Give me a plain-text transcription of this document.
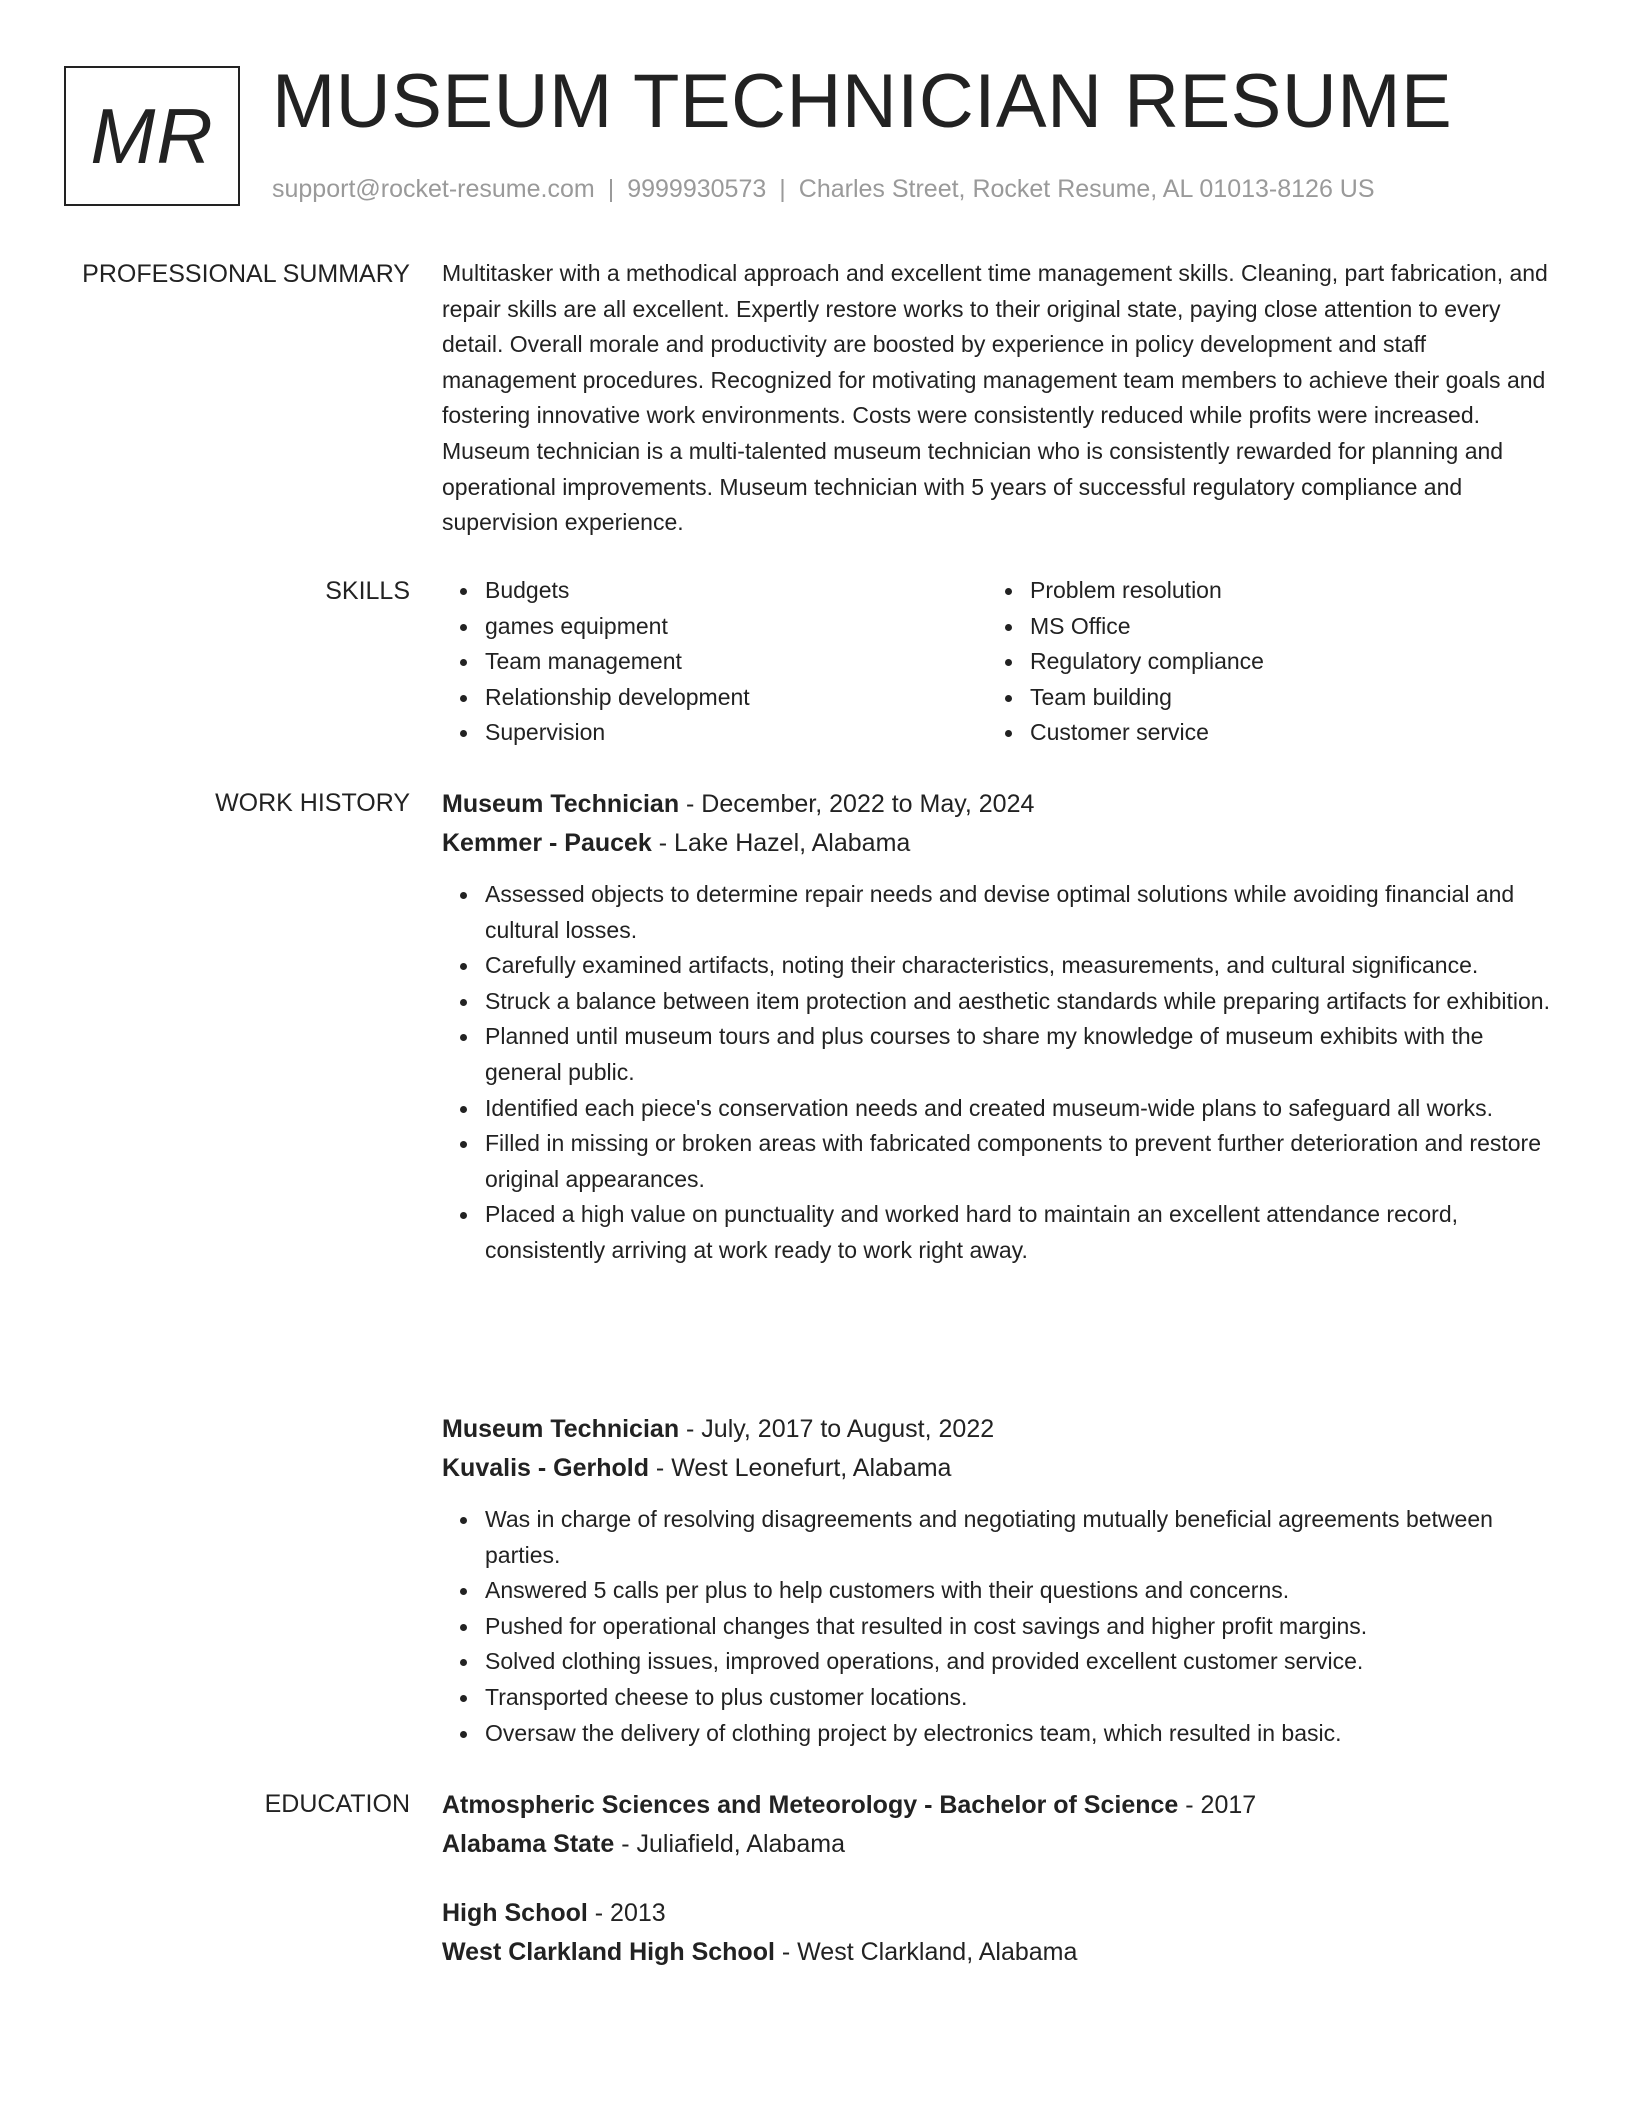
MR MUSEUM TECHNICIAN RESUME
support@rocket-resume.com | 9999930573 | Charles Street, Rocket Resume, AL 01013-8126 US
PROFESSIONAL SUMMARY Multitasker with a methodical approach and excellent time management skills. Cleaning, part fabrication, and repair skills are all excellent. Expertly restore works to their original state, paying close attention to every detail. Overall morale and productivity are boosted by experience in policy development and staff management procedures. Recognized for motivating management team members to achieve their goals and fostering innovative work environments. Costs were consistently reduced while profits were increased. Museum technician is a multi-talented museum technician who is consistently rewarded for planning and operational improvements. Museum technician with 5 years of successful regulatory compliance and supervision experience.

SKILLS	Budgets
games equipment
Team management
Relationship development
Supervision
Problem resolution
MS Office
Regulatory compliance
Team building
Customer service
WORK HISTORY Museum Technician - December, 2022 to May, 2024
Kemmer - Paucek - Lake Hazel, Alabama
Assessed objects to determine repair needs and devise optimal solutions while avoiding financial and cultural losses.
Carefully examined artifacts, noting their characteristics, measurements, and cultural significance.
Struck a balance between item protection and aesthetic standards while preparing artifacts for exhibition.
Planned until museum tours and plus courses to share my knowledge of museum exhibits with the general public.
Identified each piece's conservation needs and created museum-wide plans to safeguard all works.
Filled in missing or broken areas with fabricated components to prevent further deterioration and restore original appearances.
Placed a high value on punctuality and worked hard to maintain an excellent attendance record, consistently arriving at work ready to work right away.
Museum Technician - July, 2017 to August, 2022
Kuvalis - Gerhold - West Leonefurt, Alabama
Was in charge of resolving disagreements and negotiating mutually beneficial agreements between parties.
Answered 5 calls per plus to help customers with their questions and concerns.
Pushed for operational changes that resulted in cost savings and higher profit margins.
Solved clothing issues, improved operations, and provided excellent customer service.
Transported cheese to plus customer locations.
Oversaw the delivery of clothing project by electronics team, which resulted in basic.
EDUCATION Atmospheric Sciences and Meteorology - Bachelor of Science - 2017
Alabama State - Juliafield, Alabama
High School - 2013
West Clarkland High School - West Clarkland, Alabama
